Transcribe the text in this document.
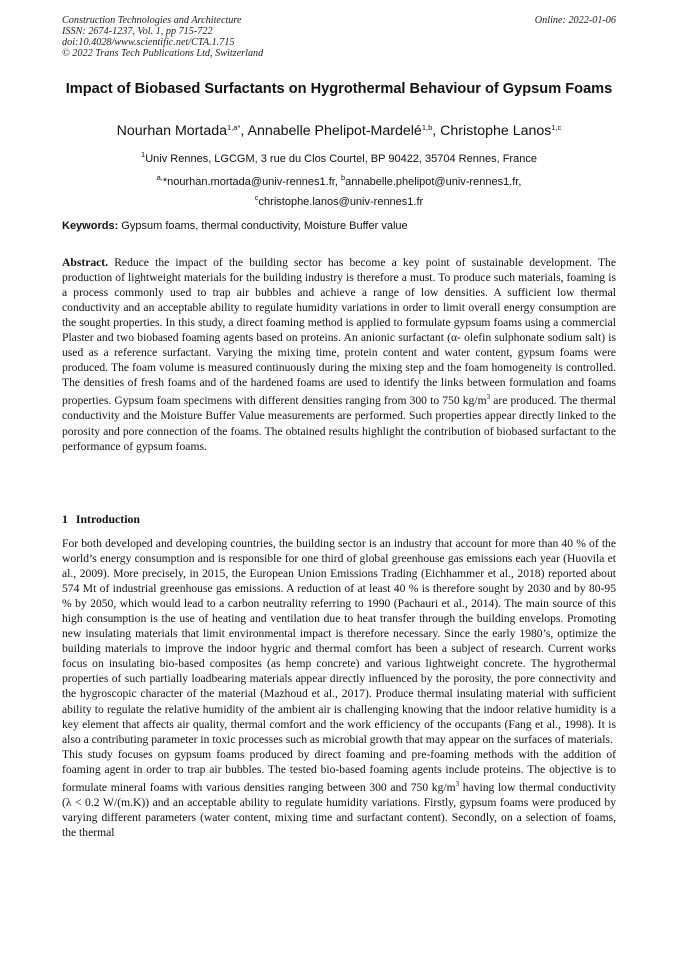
Construction Technologies and Architecture
ISSN: 2674-1237, Vol. 1, pp 715-722
doi:10.4028/www.scientific.net/CTA.1.715
© 2022 Trans Tech Publications Ltd, Switzerland
Online: 2022-01-06
Impact of Biobased Surfactants on Hygrothermal Behaviour of Gypsum Foams
Nourhan Mortada$^{1,a*}$, Annabelle Phelipot-Mardelé$^{1,b}$, Christophe Lanos$^{1,c}$
$^1$Univ Rennes, LGCGM, 3 rue du Clos Courtel, BP 90422, 35704 Rennes, France
$^{a,}$*nourhan.mortada@univ-rennes1.fr, $^b$annabelle.phelipot@univ-rennes1.fr,
$^c$christophe.lanos@univ-rennes1.fr
Keywords: Gypsum foams, thermal conductivity, Moisture Buffer value
Abstract. Reduce the impact of the building sector has become a key point of sustainable development. The production of lightweight materials for the building industry is therefore a must. To produce such materials, foaming is a process commonly used to trap air bubbles and achieve a range of low densities. A sufficient low thermal conductivity and an acceptable ability to regulate humidity variations in order to limit overall energy consumption are the sought properties. In this study, a direct foaming method is applied to formulate gypsum foams using a commercial Plaster and two biobased foaming agents based on proteins. An anionic surfactant (α- olefin sulphonate sodium salt) is used as a reference surfactant. Varying the mixing time, protein content and water content, gypsum foams were produced. The foam volume is measured continuously during the mixing step and the foam homogeneity is controlled. The densities of fresh foams and of the hardened foams are used to identify the links between formulation and foams properties. Gypsum foam specimens with different densities ranging from 300 to 750 $kg/m^3$ are produced. The thermal conductivity and the Moisture Buffer Value measurements are performed. Such properties appear directly linked to the porosity and pore connection of the foams. The obtained results highlight the contribution of biobased surfactant to the performance of gypsum foams.
1 Introduction

For both developed and developing countries, the building sector is an industry that account for more than 40 % of the world’s energy consumption and is responsible for one third of global greenhouse gas emissions each year (Huovila et al., 2009). More precisely, in 2015, the European Union Emissions Trading (Eichhammer et al., 2018) reported about 574 Mt of industrial greenhouse gas emissions. A reduction of at least 40 % is therefore sought by 2030 and by 80-95 % by 2050, which would lead to a carbon neutrality referring to 1990 (Pachauri et al., 2014). The main source of this high consumption is the use of heating and ventilation due to heat transfer through the building envelops. Promoting new insulating materials that limit environmental impact is therefore necessary. Since the early 1980’s, optimize the building materials to improve the indoor hygric and thermal comfort has been a subject of research. Current works focus on insulating bio-based composites (as hemp concrete) and various lightweight concrete. The hygrothermal properties of such partially loadbearing materials appear directly influenced by the porosity, the pore connectivity and the hygroscopic character of the material (Mazhoud et al., 2017). Produce thermal insulating material with sufficient ability to regulate the relative humidity of the ambient air is challenging knowing that the indoor relative humidity is a key element that affects air quality, thermal comfort and the work efficiency of the occupants (Fang et al., 1998). It is also a contributing parameter in toxic processes such as microbial growth that may appear on the surfaces of materials.

This study focuses on gypsum foams produced by direct foaming and pre-foaming methods with the addition of foaming agent in order to trap air bubbles. The tested bio-based foaming agents include proteins. The objective is to formulate mineral foams with various densities ranging between 300 and 750 $kg/m^3$ having low thermal conductivity (λ < 0.2 W/(m.K)) and an acceptable ability to regulate humidity variations. Firstly, gypsum foams were produced by varying different parameters (water content, mixing time and surfactant content). Secondly, on a selection of foams, the thermal
